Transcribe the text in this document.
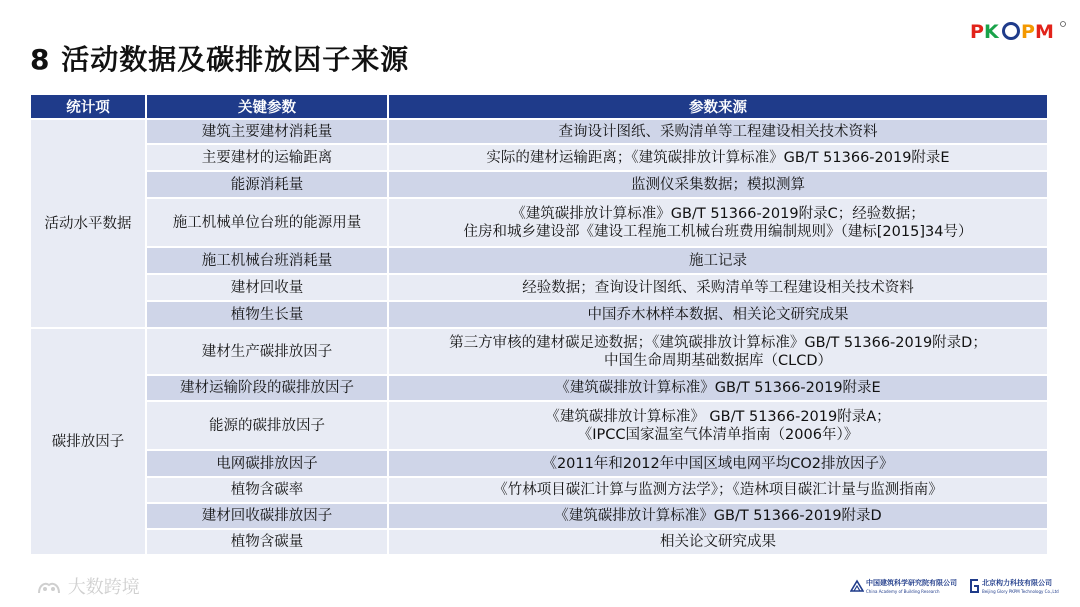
8 活动数据及碳排放因子来源
P K P M
统计项	关键参数	参数来源
活动水平数据	建筑主要建材消耗量	查询设计图纸、采购清单等工程建设相关技术资料
	主要建材的运输距离	实际的建材运输距离；《建筑碳排放计算标准》GB/T 51366-2019附录E
	能源消耗量	监测仪采集数据；模拟测算
	施工机械单位台班的能源用量	《建筑碳排放计算标准》GB/T 51366-2019附录C；经验数据；
住房和城乡建设部《建设工程施工机械台班费用编制规则》（建标[2015]34号）

	施工机械台班消耗量	施工记录
	建材回收量	经验数据；查询设计图纸、采购清单等工程建设相关技术资料
	植物生长量	中国乔木林样本数据、相关论文研究成果
碳排放因子	建材生产碳排放因子	第三方审核的建材碳足迹数据；《建筑碳排放计算标准》GB/T 51366-2019附录D；
中国生命周期基础数据库（CLCD）

	建材运输阶段的碳排放因子	《建筑碳排放计算标准》GB/T 51366-2019附录E
	能源的碳排放因子	《建筑碳排放计算标准》 GB/T 51366-2019附录A；
《IPCC国家温室气体清单指南（2006年）》

	电网碳排放因子	《2011年和2012年中国区域电网平均CO2排放因子》
	植物含碳率	《竹林项目碳汇计算与监测方法学》；《造林项目碳汇计量与监测指南》
	建材回收碳排放因子	《建筑碳排放计算标准》GB/T 51366-2019附录D
	植物含碳量	相关论文研究成果
大数跨境	中国建筑科学研究院有限公司
China Academy of Building Research
北京构力科技有限公司
Beijing Glory PKPM Technology Co.,Ltd
